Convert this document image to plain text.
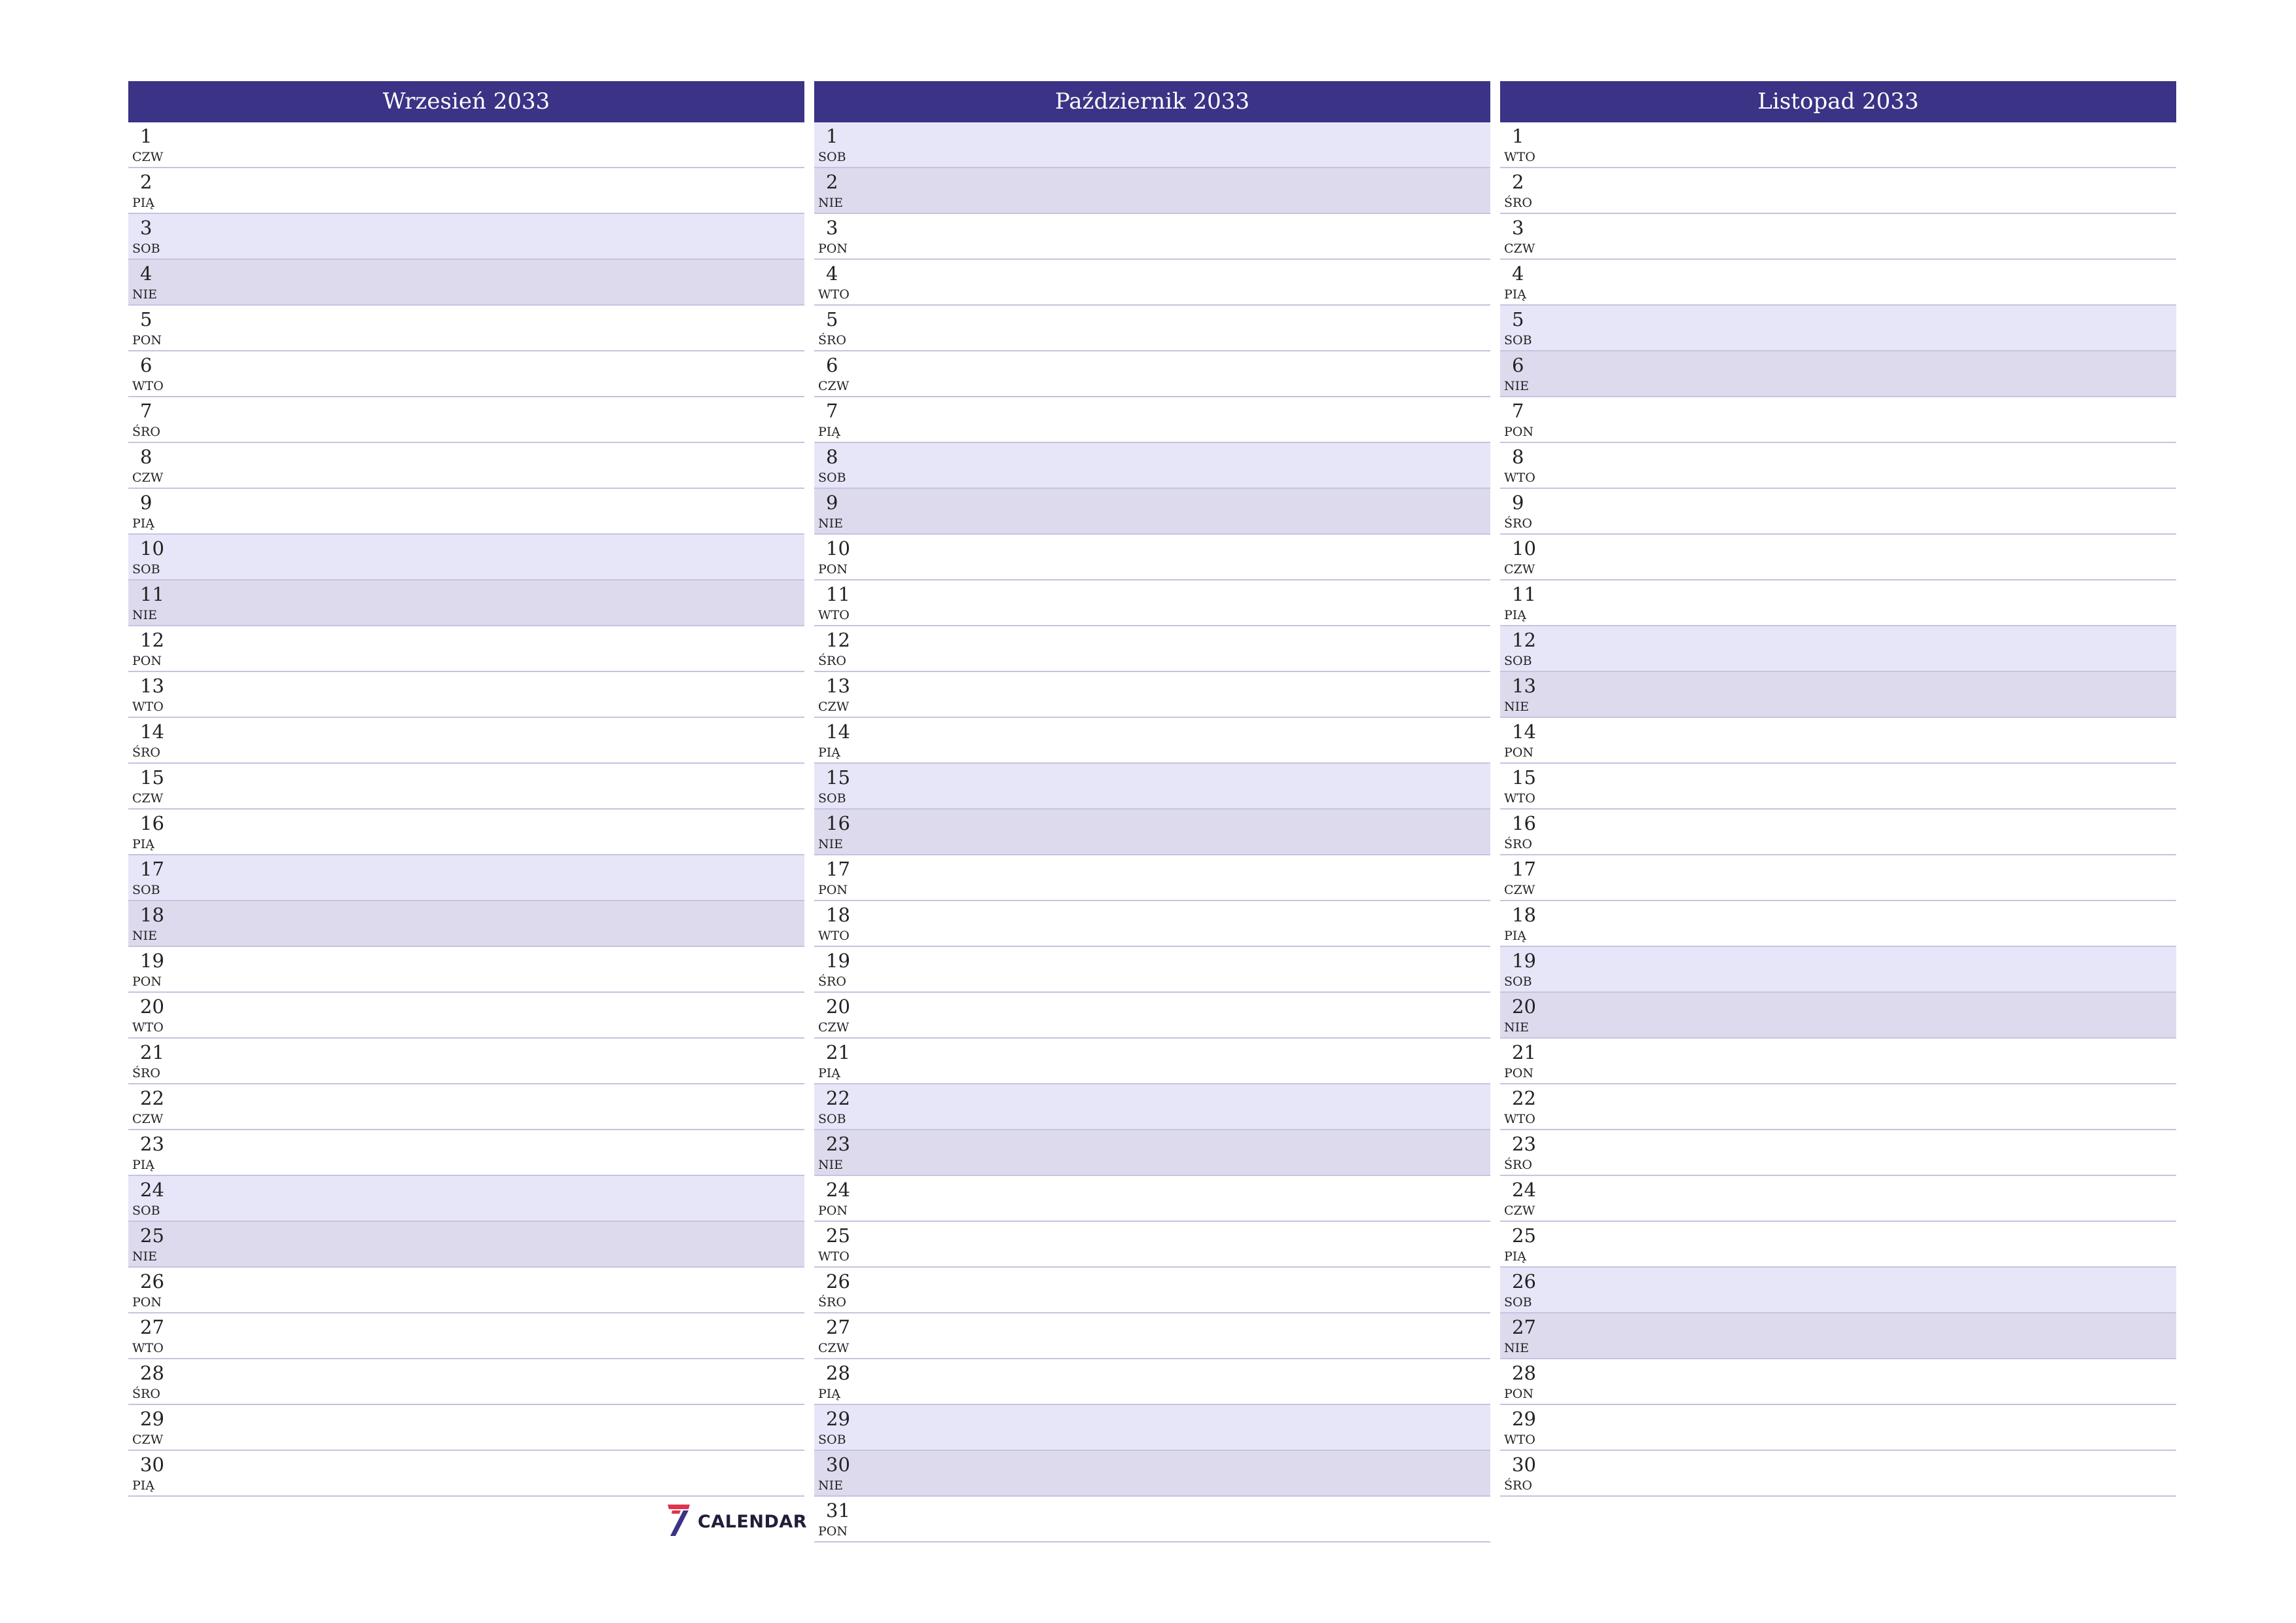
Wrzesień 2033
1
CZW
2
PIĄ
3
SOB
4
NIE
5
PON
6
WTO
7
ŚRO
8
CZW
9
PIĄ
10
SOB
11
NIE
12
PON
13
WTO
14
ŚRO
15
CZW
16
PIĄ
17
SOB
18
NIE
19
PON
20
WTO
21
ŚRO
22
CZW
23
PIĄ
24
SOB
25
NIE
26
PON
27
WTO
28
ŚRO
29
CZW
30
PIĄ
Październik 2033
1
SOB
2
NIE
3
PON
4
WTO
5
ŚRO
6
CZW
7
PIĄ
8
SOB
9
NIE
10
PON
11
WTO
12
ŚRO
13
CZW
14
PIĄ
15
SOB
16
NIE
17
PON
18
WTO
19
ŚRO
20
CZW
21
PIĄ
22
SOB
23
NIE
24
PON
25
WTO
26
ŚRO
27
CZW
28
PIĄ
29
SOB
30
NIE
31
PON
Listopad 2033
1
WTO
2
ŚRO
3
CZW
4
PIĄ
5
SOB
6
NIE
7
PON
8
WTO
9
ŚRO
10
CZW
11
PIĄ
12
SOB
13
NIE
14
PON
15
WTO
16
ŚRO
17
CZW
18
PIĄ
19
SOB
20
NIE
21
PON
22
WTO
23
ŚRO
24
CZW
25
PIĄ
26
SOB
27
NIE
28
PON
29
WTO
30
ŚRO
CALENDAR
